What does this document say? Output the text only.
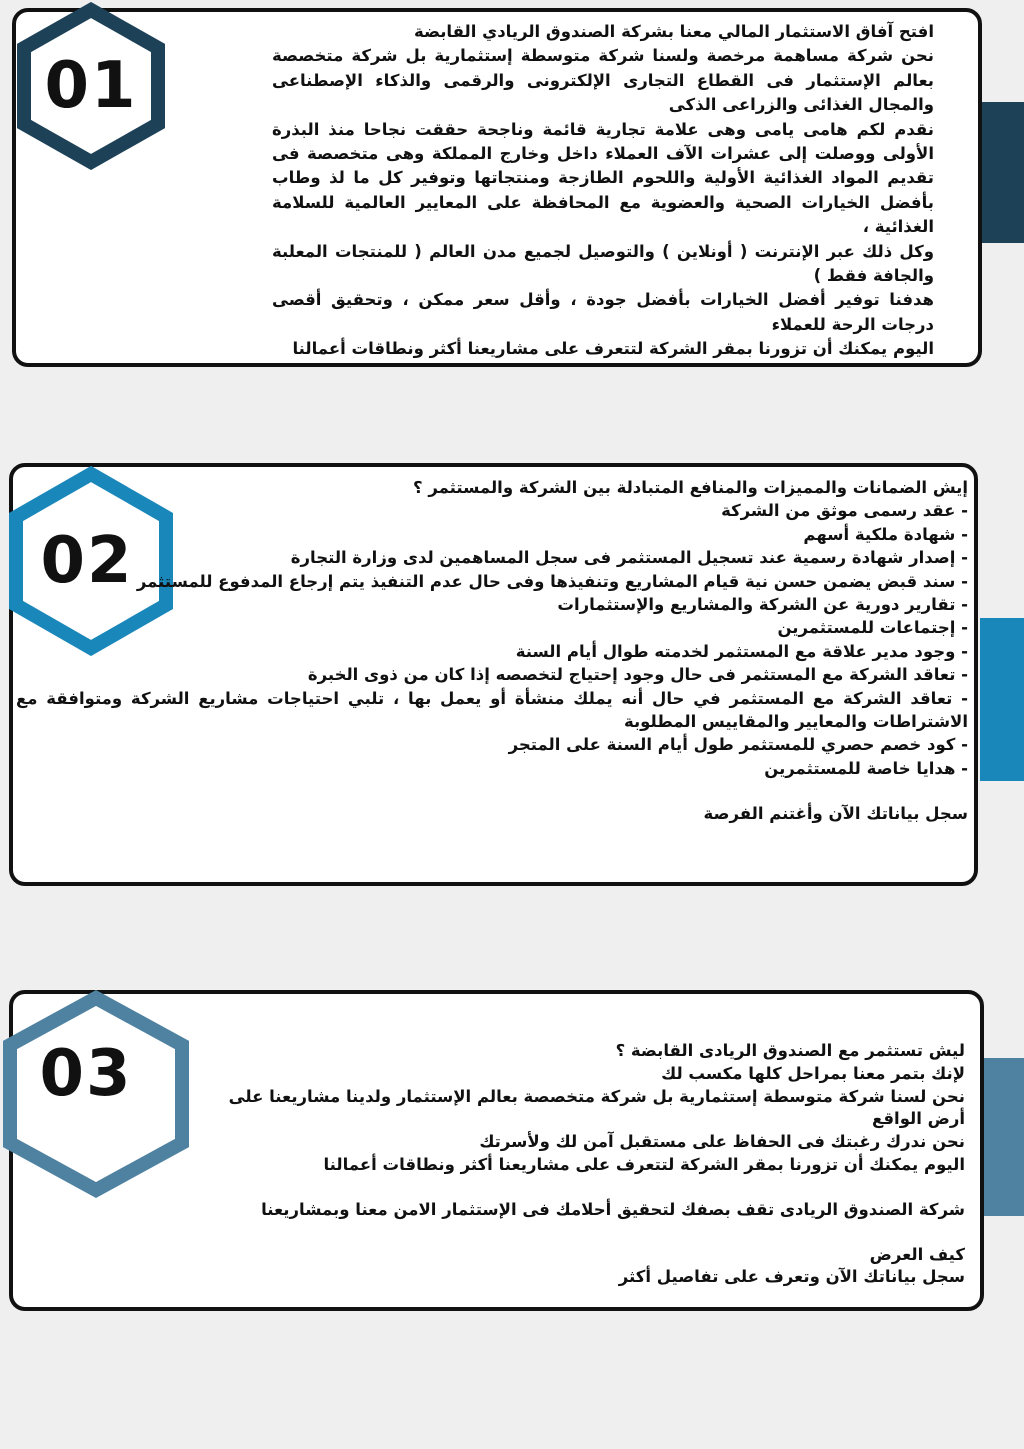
01

افتح آفاق الاستثمار المالي معنا بشركة الصندوق الريادي القابضة

نحن شركة مساهمة مرخصة ولسنا شركة متوسطة إستثمارية بل شركة متخصصة بعالم الإستثمار فى القطاع التجارى الإلكترونى والرقمى والذكاء الإصطناعى والمجال الغذائى والزراعى الذكى

نقدم لكم هامى يامى وهى علامة تجارية قائمة وناجحة حققت نجاحا منذ البذرة الأولى ووصلت إلى عشرات الآف العملاء داخل وخارج المملكة وهى متخصصة فى تقديم المواد الغذائية الأولية واللحوم الطازجة ومنتجاتها وتوفير كل ما لذ وطاب بأفضل الخيارات الصحية والعضوية مع المحافظة على المعايير العالمية للسلامة الغذائية ،

وكل ذلك عبر الإنترنت ( أونلاين ) والتوصيل لجميع مدن العالم ( للمنتجات المعلبة والجافة فقط )

هدفنا توفير أفضل الخيارات بأفضل جودة ، وأقل سعر ممكن ، وتحقيق أقصى درجات الرحة للعملاء

اليوم يمكنك أن تزورنا بمقر الشركة لتتعرف على مشاريعنا أكثر ونطاقات أعمالنا

02

إيش الضمانات والمميزات والمنافع المتبادلة بين الشركة والمستثمر ؟

- عقد رسمى موثق من الشركة

- شهادة ملكية أسهم

- إصدار شهادة رسمية عند تسجيل المستثمر فى سجل المساهمين لدى وزارة التجارة

- سند قبض يضمن حسن نية قيام المشاريع وتنفيذها وفى حال عدم التنفيذ يتم إرجاع المدفوع للمستثمر

- تقارير دورية عن الشركة والمشاريع والإستثمارات

- إجتماعات للمستثمرين

- وجود مدير علاقة مع المستثمر لخدمته طوال أيام السنة

- تعاقد الشركة مع المستثمر فى حال وجود إحتياج لتخصصه إذا كان من ذوى الخبرة

- تعاقد الشركة مع المستثمر في حال أنه يملك منشأة أو يعمل بها ، تلبي احتياجات مشاريع الشركة ومتوافقة مع الاشتراطات والمعايير والمقاييس المطلوبة

- كود خصم حصري للمستثمر طول أيام السنة على المتجر

- هدايا خاصة للمستثمرين

سجل بياناتك الآن وأغتنم الفرصة

03	ليش تستثمر مع الصندوق الريادى القابضة ؟

لإنك بتمر معنا بمراحل كلها مكسب لك

نحن لسنا شركة متوسطة إستثمارية بل شركة متخصصة بعالم الإستثمار ولدينا مشاريعنا على أرض الواقع

نحن ندرك رغبتك فى الحفاظ على مستقبل آمن لك ولأسرتك

اليوم يمكنك أن تزورنا بمقر الشركة لتتعرف على مشاريعنا أكثر ونطاقات أعمالنا

شركة الصندوق الريادى تقف بصفك لتحقيق أحلامك فى الإستثمار الامن معنا وبمشاريعنا

كيف العرض

سجل بياناتك الآن وتعرف على تفاصيل أكثر
